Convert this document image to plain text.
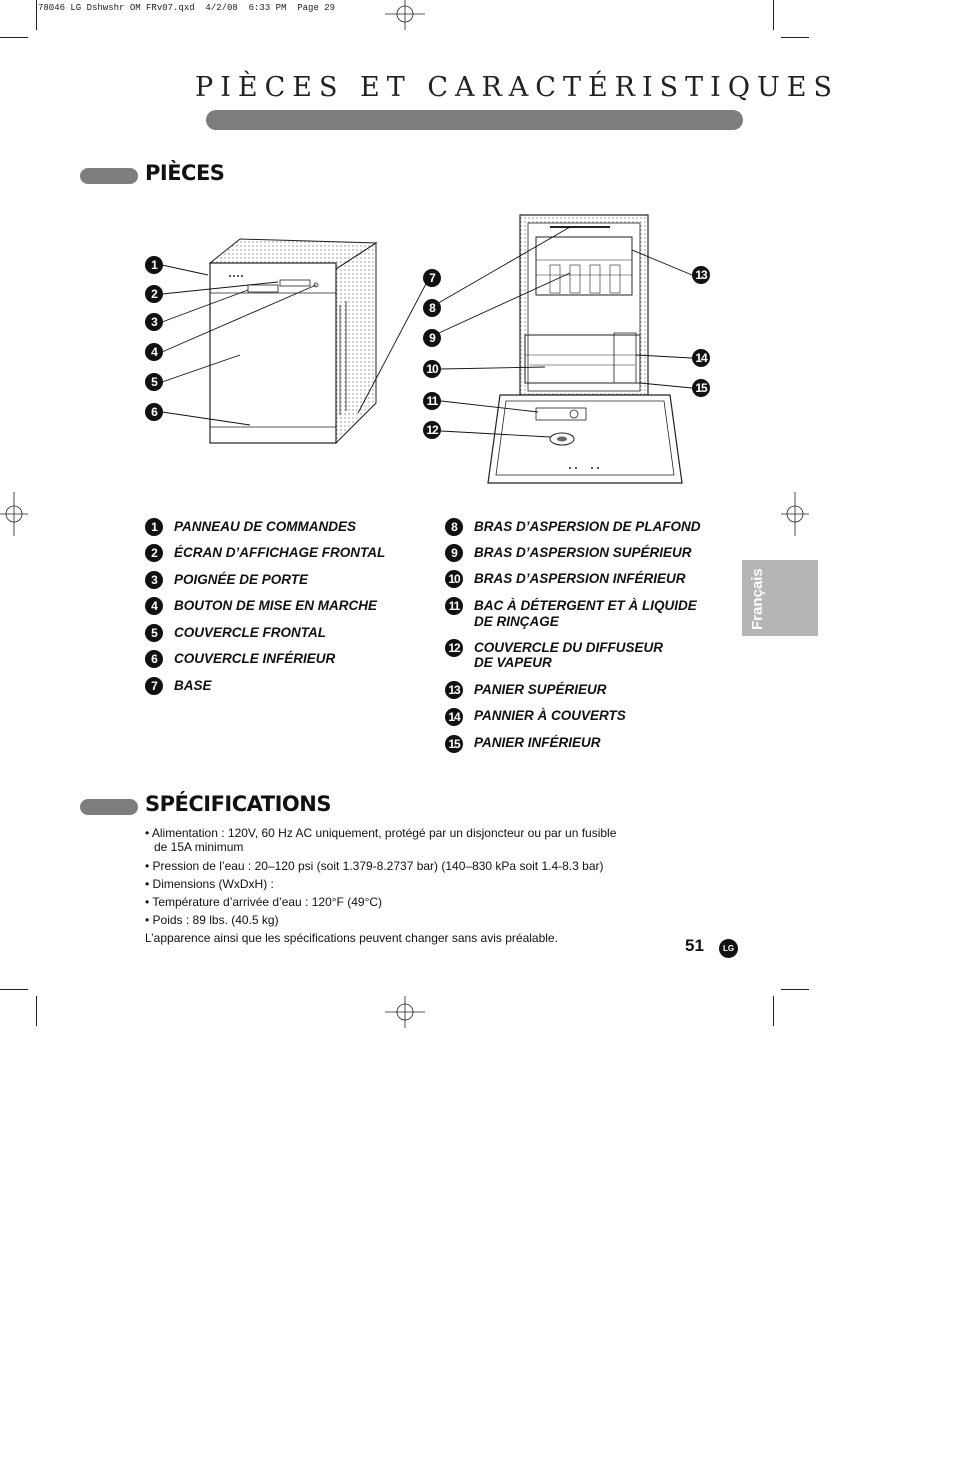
78046 LG Dshwshr OM FRv07.qxd  4/2/08  6:33 PM  Page 29
PIÈCES ET CARACTÉRISTIQUES
PIÈCES
1
2
3
4
5
6
7
8
9
10
11
12
13
14
15
1	PANNEAU DE COMMANDES
2	ÉCRAN D’AFFICHAGE FRONTAL
3	POIGNÉE DE PORTE
4	BOUTON DE MISE EN MARCHE
5	COUVERCLE FRONTAL
6	COUVERCLE INFÉRIEUR
7	BASE
8	BRAS D’ASPERSION DE PLAFOND
9	BRAS D’ASPERSION SUPÉRIEUR
10 BRAS D’ASPERSION INFÉRIEUR
11 BAC À DÉTERGENT ET À LIQUIDE
DE RINÇAGE
12 COUVERCLE DU DIFFUSEUR
DE VAPEUR
13 PANIER SUPÉRIEUR
14 PANNIER À COUVERTS
15 PANIER INFÉRIEUR
Français
SPÉCIFICATIONS
• Alimentation : 120V, 60 Hz AC uniquement, protégé par un disjoncteur ou par un fusible
de 15A minimum
• Pression de l’eau : 20–120 psi (soit 1.379-8.2737 bar) (140–830 kPa soit 1.4-8.3 bar)
• Dimensions (WxDxH) :
• Température d’arrivée d’eau : 120°F (49°C)
• Poids : 89 lbs. (40.5 kg)
L’apparence ainsi que les spécifications peuvent changer sans avis préalable.	51	LG
